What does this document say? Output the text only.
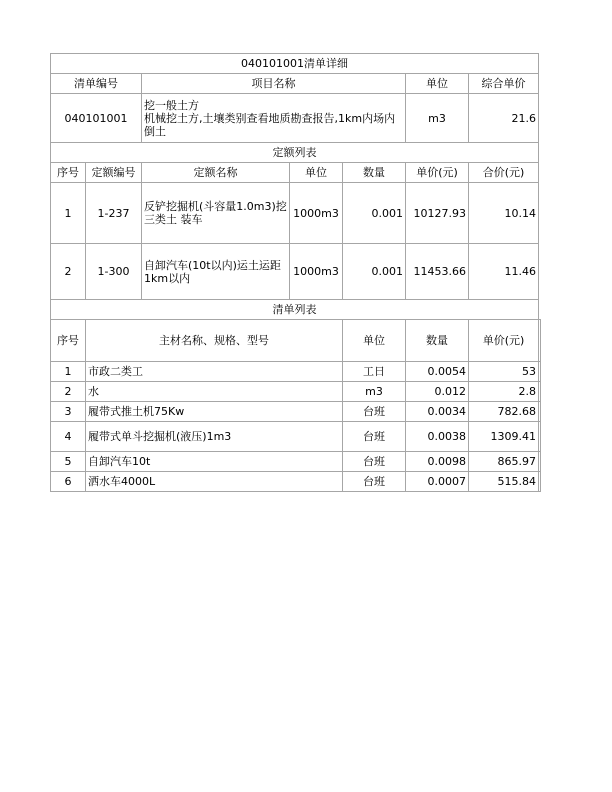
040101001清单详细							
清单编号		项目名称			单位	综合单价	
040101001		挖一般土方
机械挖土方,土壤类别查看地质勘查报告,1km内场内倒土			m3	21.6	
定额列表							
序号	定额编号	定额名称	单位	数量	单价(元)	合价(元)	
1	1-237	反铲挖掘机(斗容量1.0m3)挖三类土 装车	1000m3	0.001	10127.93	10.14	
2	1-300	自卸汽车(10t以内)运土运距1km以内	1000m3	0.001	11453.66	11.46	
清单列表							
序号	主材名称、规格、型号			单位	数量	单价(元)	
1	市政二类工			工日	0.0054	53	
2	水			m3	0.012	2.8	
3	履带式推土机75Kw			台班	0.0034	782.68	
4	履带式单斗挖掘机(液压)1m3			台班	0.0038	1309.41	
5	自卸汽车10t			台班	0.0098	865.97	
6	洒水车4000L			台班	0.0007	515.84	
